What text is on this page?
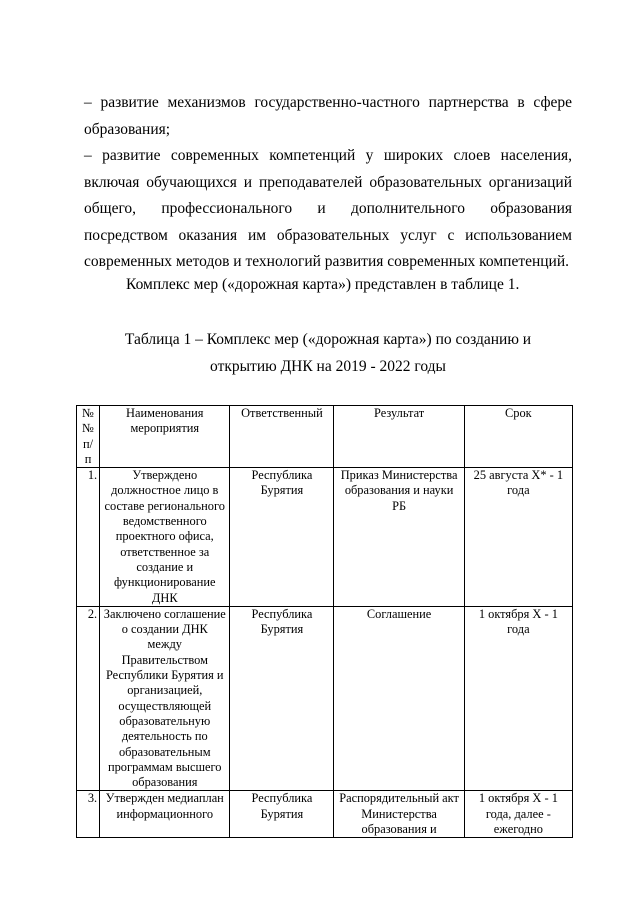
– развитие механизмов государственно-частного партнерства в сфере образования;

– развитие современных компетенций у широких слоев населения, включая обучающихся и преподавателей образовательных организаций общего, профессионального и дополнительного образования посредством оказания им образовательных услуг с использованием современных методов и технологий развития современных компетенций.

Комплекс мер («дорожная карта») представлен в таблице 1.

Таблица 1 – Комплекс мер («дорожная карта») по созданию и
открытию ДНК на 2019 - 2022 годы
№№ п/п	Наименования мероприятия	Ответственный	Результат	Срок
1.	Утверждено должностное лицо в составе регионального ведомственного проектного офиса, ответственное за создание и функционирование ДНК	Республика Бурятия	Приказ Министерства образования и науки РБ	25 августа Х* - 1 года
2.	Заключено соглашение о создании ДНК между Правительством Республики Бурятия и организацией, осуществляющей образовательную деятельность по образовательным программам высшего образования	Республика Бурятия	Соглашение	1 октября Х - 1 года
3.	Утвержден медиаплан информационного	Республика Бурятия	Распорядительный акт Министерства образования и	1 октября Х - 1 года, далее - ежегодно
